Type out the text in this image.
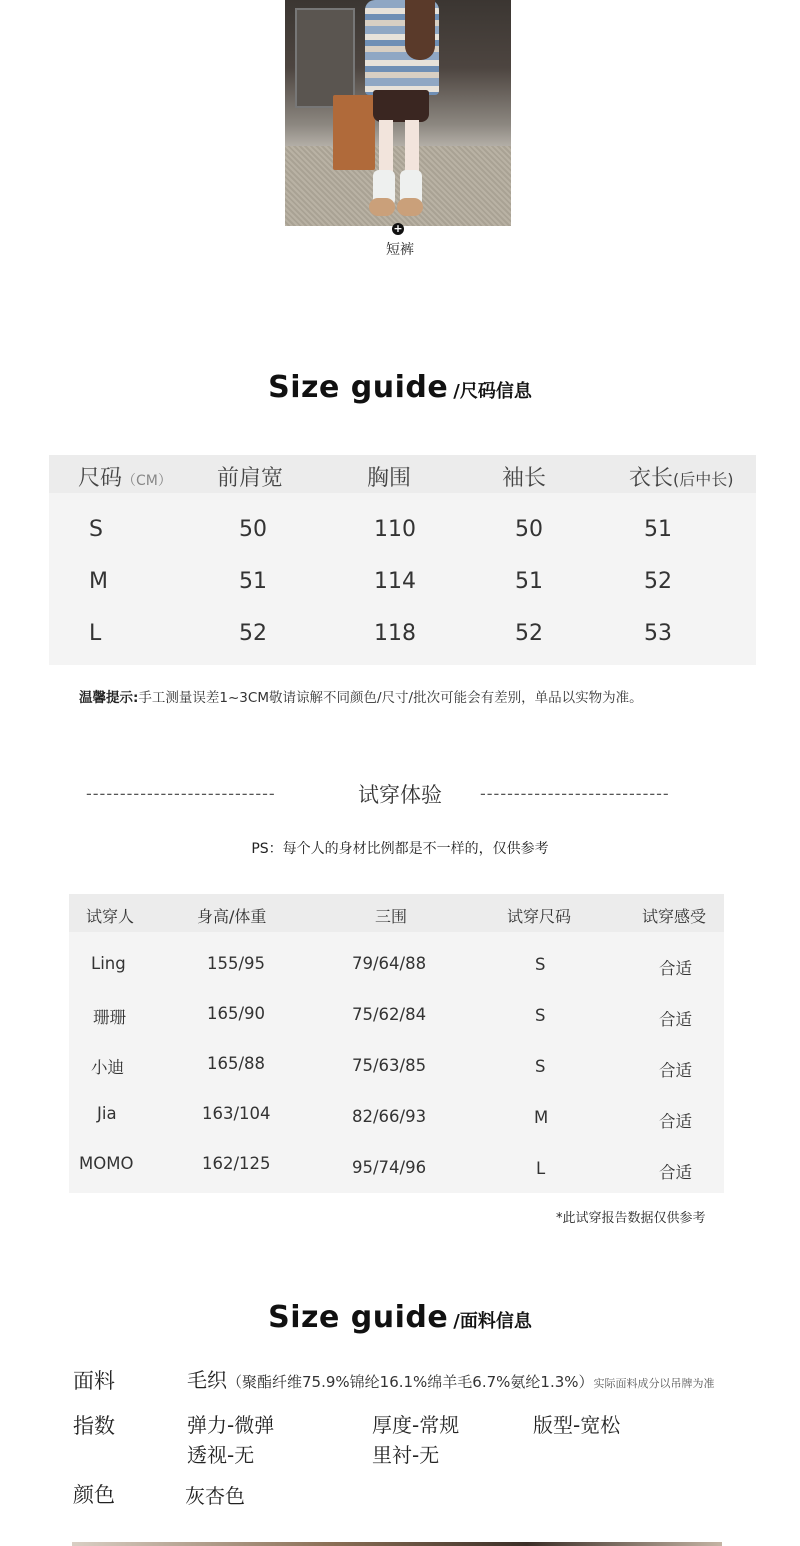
+
短裤
Size guide /尺码信息
尺码（CM） 前肩宽	胸围	袖长	衣长(后中长)
S	50	110	50	51
M	51	114	51	52
L	52	118	52	53
温馨提示:手工测量误差1~3CM敬请谅解不同颜色/尺寸/批次可能会有差别，单品以实物为准。
----------------------------	试穿体验	----------------------------
PS：每个人的身材比例都是不一样的，仅供参考
试穿人	身高/体重	三围	试穿尺码	试穿感受
Ling	155/95	79/64/88	S	合适
珊珊	165/90	75/62/84	S	合适
小迪	165/88	75/63/85	S	合适
Jia	163/104	82/66/93	M	合适
MOMO	162/125	95/74/96	L	合适
*此试穿报告数据仅供参考
Size guide /面料信息
面料	毛织（聚酯纤维75.9%锦纶16.1%绵羊毛6.7%氨纶1.3%）实际面料成分以吊牌为准
指数	弹力-微弹	厚度-常规	版型-宽松
透视-无	里衬-无
颜色	灰杏色
